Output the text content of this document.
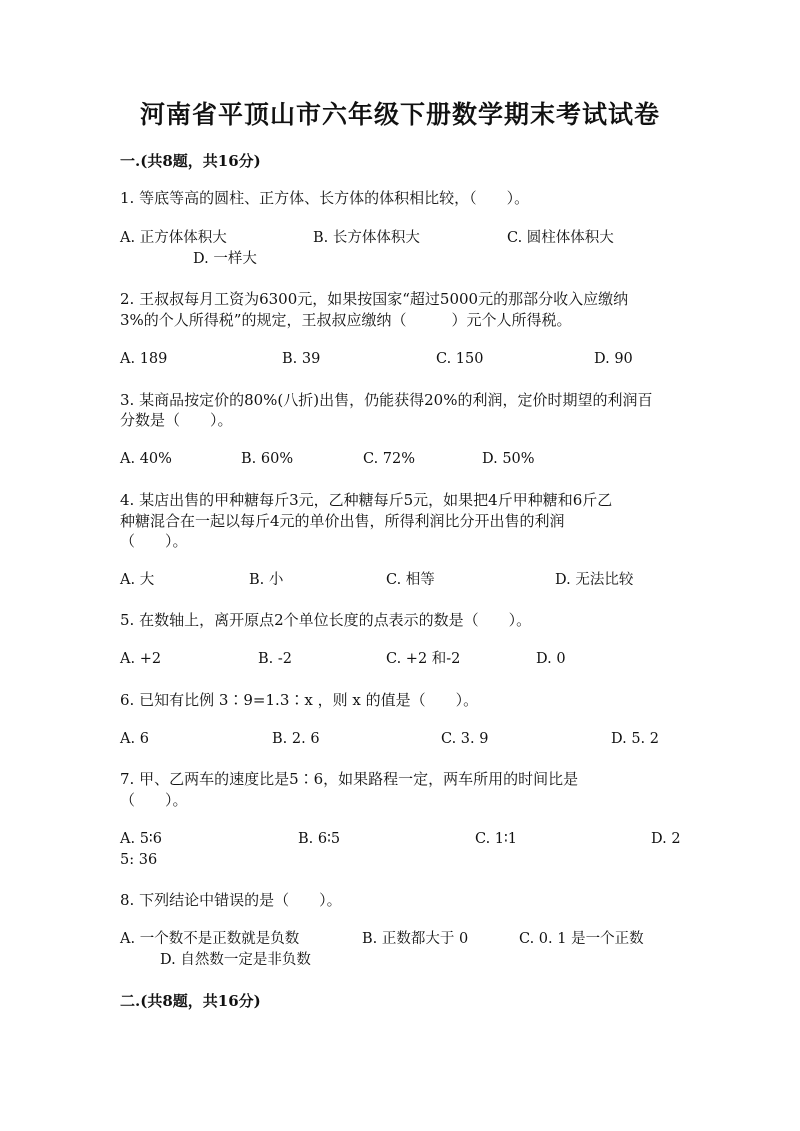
河南省平顶山市六年级下册数学期末考试试卷
一.(共8题，共16分)
1. 等底等高的圆柱、正方体、长方体的体积相比较，（　　）。
A. 正方体体积大	B. 长方体体积大	C. 圆柱体体积大
D. 一样大
2. 王叔叔每月工资为6300元，如果按国家“超过5000元的那部分收入应缴纳
3%的个人所得税”的规定，王叔叔应缴纳（　　　）元个人所得税。
A. 189	B. 39	C. 150	D. 90
3. 某商品按定价的80%(八折)出售，仍能获得20%的利润，定价时期望的利润百
分数是（　　）。
A. 40%	B. 60%	C. 72%	D. 50%
4. 某店出售的甲种糖每斤3元，乙种糖每斤5元，如果把4斤甲种糖和6斤乙
种糖混合在一起以每斤4元的单价出售，所得利润比分开出售的利润
（　　）。
A. 大	B. 小	C. 相等	D. 无法比较
5. 在数轴上，离开原点2个单位长度的点表示的数是（　　）。
A. +2	B. -2	C. +2 和-2	D. 0
6. 已知有比例 3∶9=1.3∶x ，则 x 的值是（　　）。
A. 6	B. 2. 6	C. 3. 9	D. 5. 2
7. 甲、乙两车的速度比是5∶6，如果路程一定，两车所用的时间比是
（　　）。
A. 5∶6	B. 6∶5	C. 1∶1	D. 2
5: 36
8. 下列结论中错误的是（　　）。
A. 一个数不是正数就是负数	B. 正数都大于 0	C. 0. 1 是一个正数
D. 自然数一定是非负数
二.(共8题，共16分)
